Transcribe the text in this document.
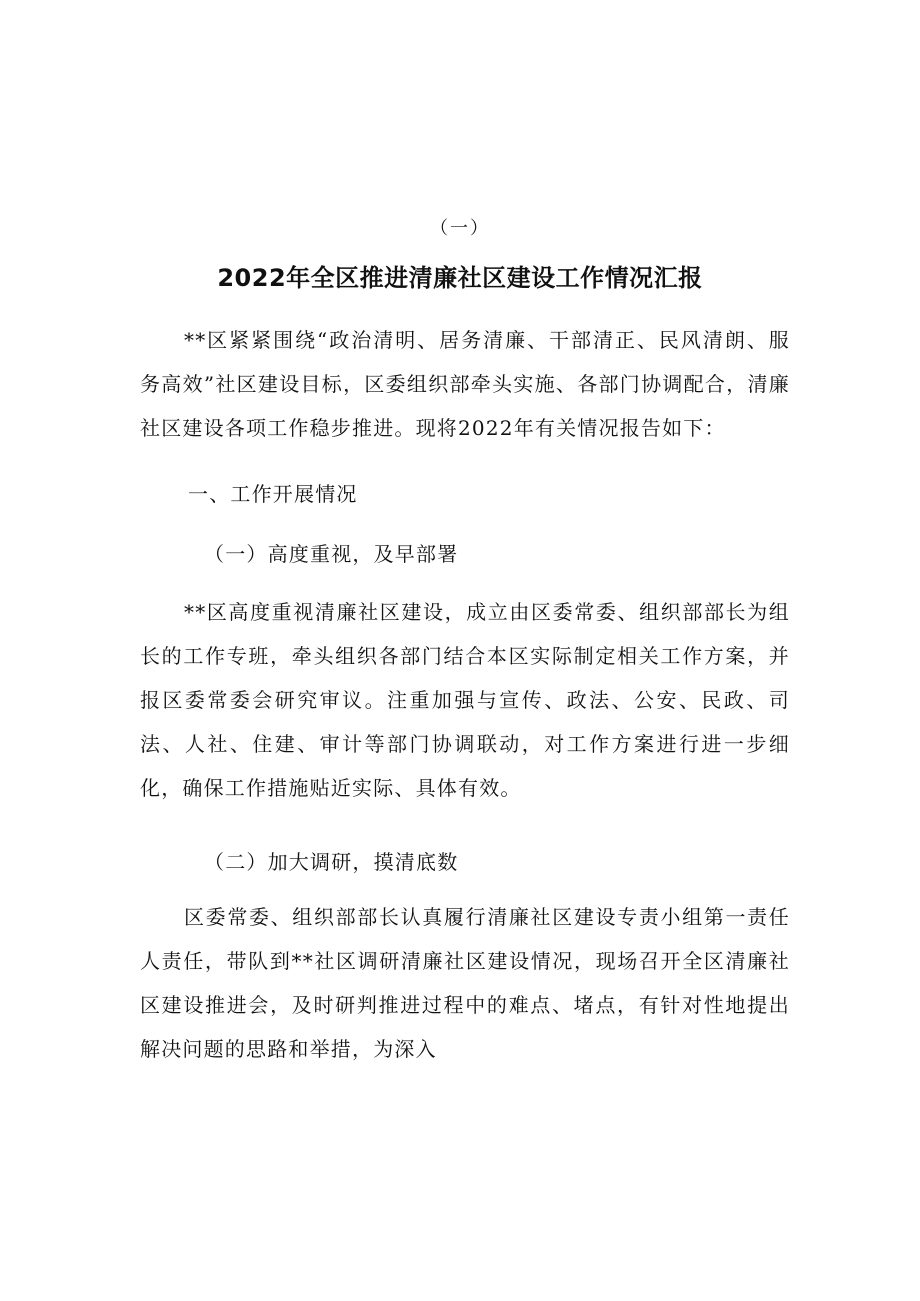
（一）
2022年全区推进清廉社区建设工作情况汇报
**区紧紧围绕“政治清明、居务清廉、干部清正、民风清朗、服务高效”社区建设目标，区委组织部牵头实施、各部门协调配合，清廉社区建设各项工作稳步推进。现将2022年有关情况报告如下：
一、工作开展情况
（一）高度重视，及早部署
**区高度重视清廉社区建设，成立由区委常委、组织部部长为组长的工作专班，牵头组织各部门结合本区实际制定相关工作方案，并报区委常委会研究审议。注重加强与宣传、政法、公安、民政、司法、人社、住建、审计等部门协调联动，对工作方案进行进一步细化，确保工作措施贴近实际、具体有效。
（二）加大调研，摸清底数
区委常委、组织部部长认真履行清廉社区建设专责小组第一责任人责任，带队到**社区调研清廉社区建设情况，现场召开全区清廉社区建设推进会，及时研判推进过程中的难点、堵点，有针对性地提出解决问题的思路和举措，为深入
